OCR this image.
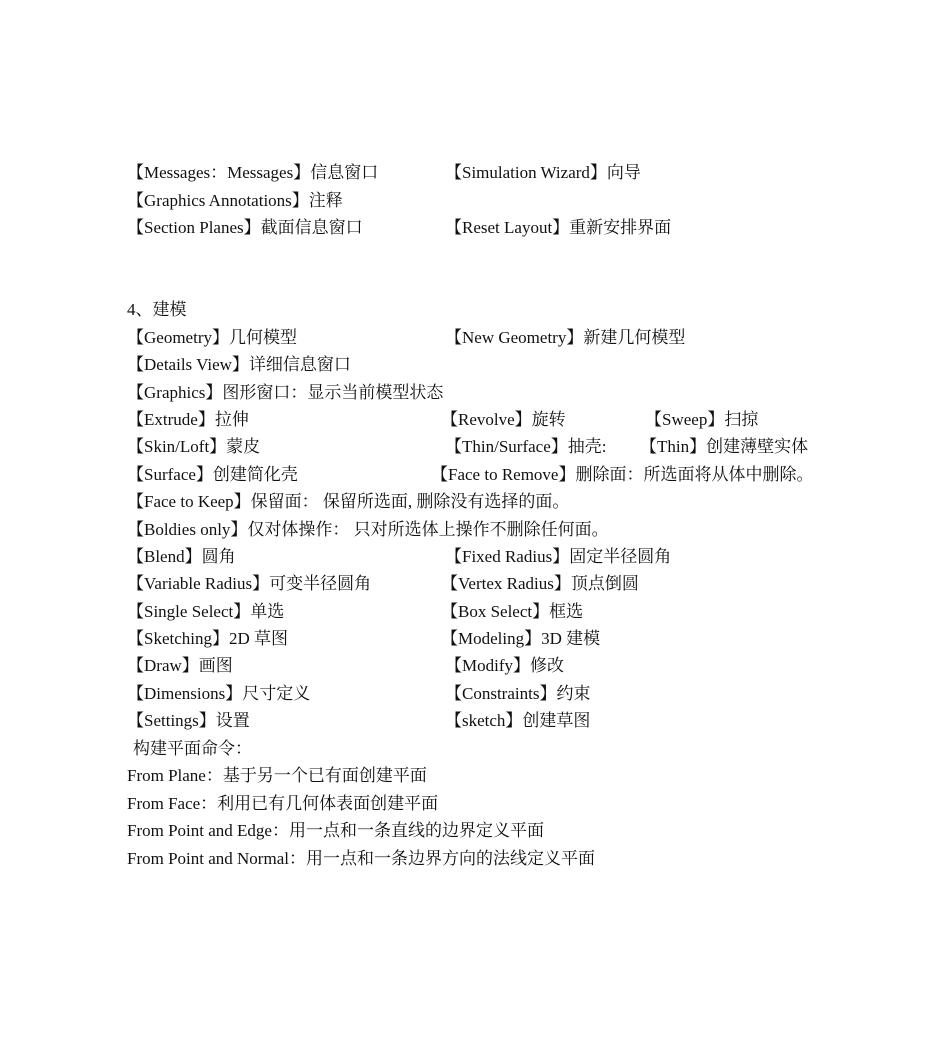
【Messages：Messages】信息窗口	【Simulation Wizard】向导
【Graphics Annotations】注释
【Section Planes】截面信息窗口	【Reset Layout】重新安排界面
4、建模
【Geometry】几何模型	【New Geometry】新建几何模型
【Details View】详细信息窗口
【Graphics】图形窗口：显示当前模型状态
【Extrude】拉伸	【Revolve】旋转	【Sweep】扫掠
【Skin/Loft】蒙皮	【Thin/Surface】抽壳: 【Thin】创建薄壁实体
【Surface】创建简化壳	【Face to Remove】删除面：所选面将从体中删除。
【Face to Keep】保留面： 保留所选面, 删除没有选择的面。
【Boldies only】仅对体操作： 只对所选体上操作不删除任何面。
【Blend】圆角	【Fixed Radius】固定半径圆角
【Variable Radius】可变半径圆角	【Vertex Radius】顶点倒圆
【Single Select】单选	【Box Select】框选
【Sketching】2D 草图	【Modeling】3D 建模
【Draw】画图	【Modify】修改
【Dimensions】尺寸定义	【Constraints】约束
【Settings】设置	【sketch】创建草图
构建平面命令：
From Plane：基于另一个已有面创建平面
From Face：利用已有几何体表面创建平面
From Point and Edge：用一点和一条直线的边界定义平面
From Point and Normal：用一点和一条边界方向的法线定义平面
